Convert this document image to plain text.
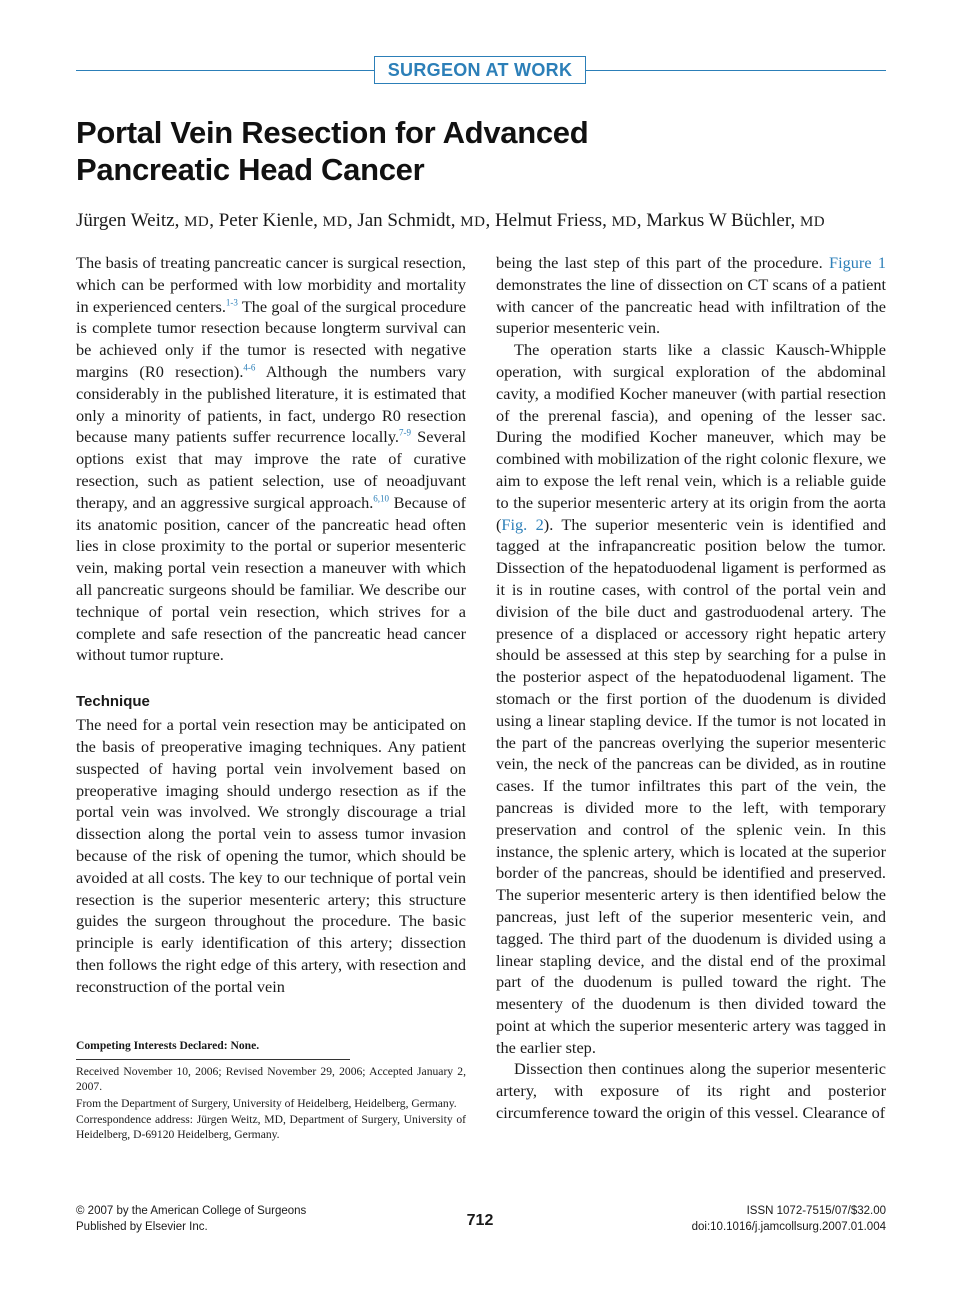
SURGEON AT WORK
Portal Vein Resection for Advanced
Pancreatic Head Cancer
Jürgen Weitz, MD, Peter Kienle, MD, Jan Schmidt, MD, Helmut Friess, MD, Markus W Büchler, MD

The basis of treating pancreatic cancer is surgical resection, which can be performed with low morbidity and mortality in experienced centers.$^{1-3}$ The goal of the surgical procedure is complete tumor resection because longterm survival can be achieved only if the tumor is resected with negative margins (R0 resection).$^{4-6}$ Although the numbers vary considerably in the published literature, it is estimated that only a minority of patients, in fact, undergo R0 resection because many patients suffer recurrence locally.$^{7-9}$ Several options exist that may improve the rate of curative resection, such as patient selection, use of neoadjuvant therapy, and an aggressive surgical approach.$^{6,10}$ Because of its anatomic position, cancer of the pancreatic head often lies in close proximity to the portal or superior mesenteric vein, making portal vein resection a maneuver with which all pancreatic surgeons should be familiar. We describe our technique of portal vein resection, which strives for a complete and safe resection of the pancreatic head cancer without tumor rupture.

Technique

The need for a portal vein resection may be anticipated on the basis of preoperative imaging techniques. Any patient suspected of having portal vein involvement based on preoperative imaging should undergo resection as if the portal vein was involved. We strongly discourage a trial dissection along the portal vein to assess tumor invasion because of the risk of opening the tumor, which should be avoided at all costs. The key to our technique of portal vein resection is the superior mesenteric artery; this structure guides the surgeon throughout the procedure. The basic principle is early identification of this artery; dissection then follows the right edge of this artery, with resection and reconstruction of the portal vein

being the last step of this part of the procedure. Figure 1 demonstrates the line of dissection on CT scans of a patient with cancer of the pancreatic head with infiltration of the superior mesenteric vein.

The operation starts like a classic Kausch-Whipple operation, with surgical exploration of the abdominal cavity, a modified Kocher maneuver (with partial resection of the prerenal fascia), and opening of the lesser sac. During the modified Kocher maneuver, which may be combined with mobilization of the right colonic flexure, we aim to expose the left renal vein, which is a reliable guide to the superior mesenteric artery at its origin from the aorta (Fig. 2). The superior mesenteric vein is identified and tagged at the infrapancreatic position below the tumor. Dissection of the hepatoduodenal ligament is performed as it is in routine cases, with control of the portal vein and division of the bile duct and gastroduodenal artery. The presence of a displaced or accessory right hepatic artery should be assessed at this step by searching for a pulse in the posterior aspect of the hepatoduodenal ligament. The stomach or the first portion of the duodenum is divided using a linear stapling device. If the tumor is not located in the part of the pancreas overlying the superior mesenteric vein, the neck of the pancreas can be divided, as in routine cases. If the tumor infiltrates this part of the vein, the pancreas is divided more to the left, with temporary preservation and control of the splenic vein. In this instance, the splenic artery, which is located at the superior border of the pancreas, should be identified and preserved. The superior mesenteric artery is then identified below the pancreas, just left of the superior mesenteric vein, and tagged. The third part of the duodenum is divided using a linear stapling device, and the distal end of the proximal part of the duodenum is pulled toward the right. The mesentery of the duodenum is then divided toward the point at which the superior mesenteric artery was tagged in the earlier step.

Dissection then continues along the superior mesenteric artery, with exposure of its right and posterior circumference toward the origin of this vessel. Clearance of

Competing Interests Declared: None.

Received November 10, 2006; Revised November 29, 2006; Accepted January 2, 2007.

From the Department of Surgery, University of Heidelberg, Heidelberg, Germany.

Correspondence address: Jürgen Weitz, MD, Department of Surgery, University of Heidelberg, D-69120 Heidelberg, Germany.

© 2007 by the American College of Surgeons
Published by Elsevier Inc.	712
ISSN 1072-7515/07/$32.00
doi:10.1016/j.jamcollsurg.2007.01.004
